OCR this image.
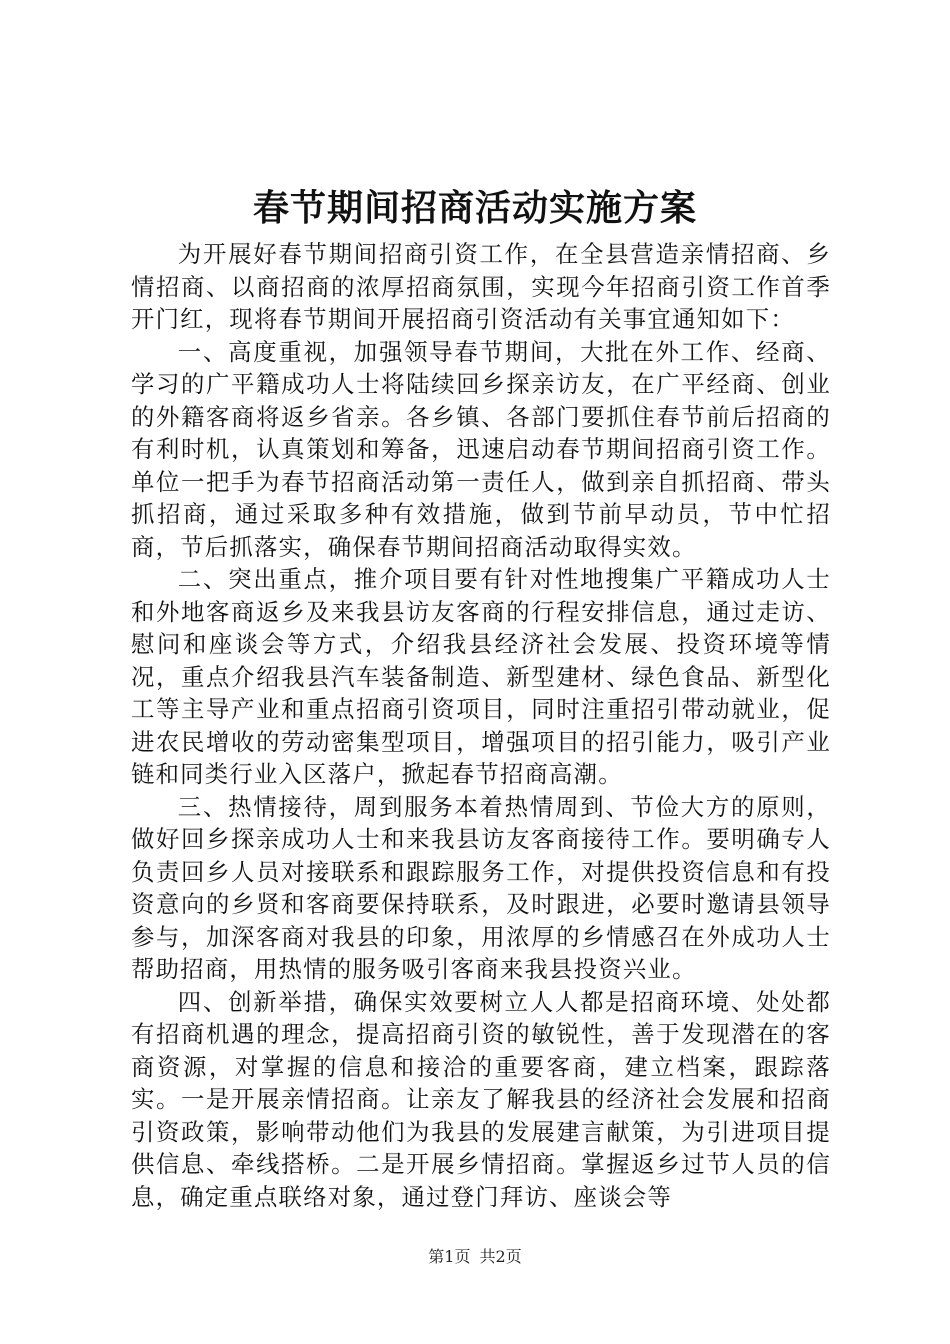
春节期间招商活动实施方案

为开展好春节期间招商引资工作，在全县营造亲情招商、乡情招商、以商招商的浓厚招商氛围，实现今年招商引资工作首季开门红，现将春节期间开展招商引资活动有关事宜通知如下：

一、高度重视，加强领导春节期间，大批在外工作、经商、学习的广平籍成功人士将陆续回乡探亲访友，在广平经商、创业的外籍客商将返乡省亲。各乡镇、各部门要抓住春节前后招商的有利时机，认真策划和筹备，迅速启动春节期间招商引资工作。单位一把手为春节招商活动第一责任人，做到亲自抓招商、带头抓招商，通过采取多种有效措施，做到节前早动员，节中忙招商，节后抓落实，确保春节期间招商活动取得实效。

二、突出重点，推介项目要有针对性地搜集广平籍成功人士和外地客商返乡及来我县访友客商的行程安排信息，通过走访、慰问和座谈会等方式，介绍我县经济社会发展、投资环境等情况，重点介绍我县汽车装备制造、新型建材、绿色食品、新型化工等主导产业和重点招商引资项目，同时注重招引带动就业，促进农民增收的劳动密集型项目，增强项目的招引能力，吸引产业链和同类行业入区落户，掀起春节招商高潮。

三、热情接待，周到服务本着热情周到、节俭大方的原则，做好回乡探亲成功人士和来我县访友客商接待工作。要明确专人负责回乡人员对接联系和跟踪服务工作，对提供投资信息和有投资意向的乡贤和客商要保持联系，及时跟进，必要时邀请县领导参与，加深客商对我县的印象，用浓厚的乡情感召在外成功人士帮助招商，用热情的服务吸引客商来我县投资兴业。

四、创新举措，确保实效要树立人人都是招商环境、处处都有招商机遇的理念，提高招商引资的敏锐性，善于发现潜在的客商资源，对掌握的信息和接洽的重要客商，建立档案，跟踪落实。一是开展亲情招商。让亲友了解我县的经济社会发展和招商引资政策，影响带动他们为我县的发展建言献策，为引进项目提供信息、牵线搭桥。二是开展乡情招商。掌握返乡过节人员的信息，确定重点联络对象，通过登门拜访、座谈会等

第1页 共2页
